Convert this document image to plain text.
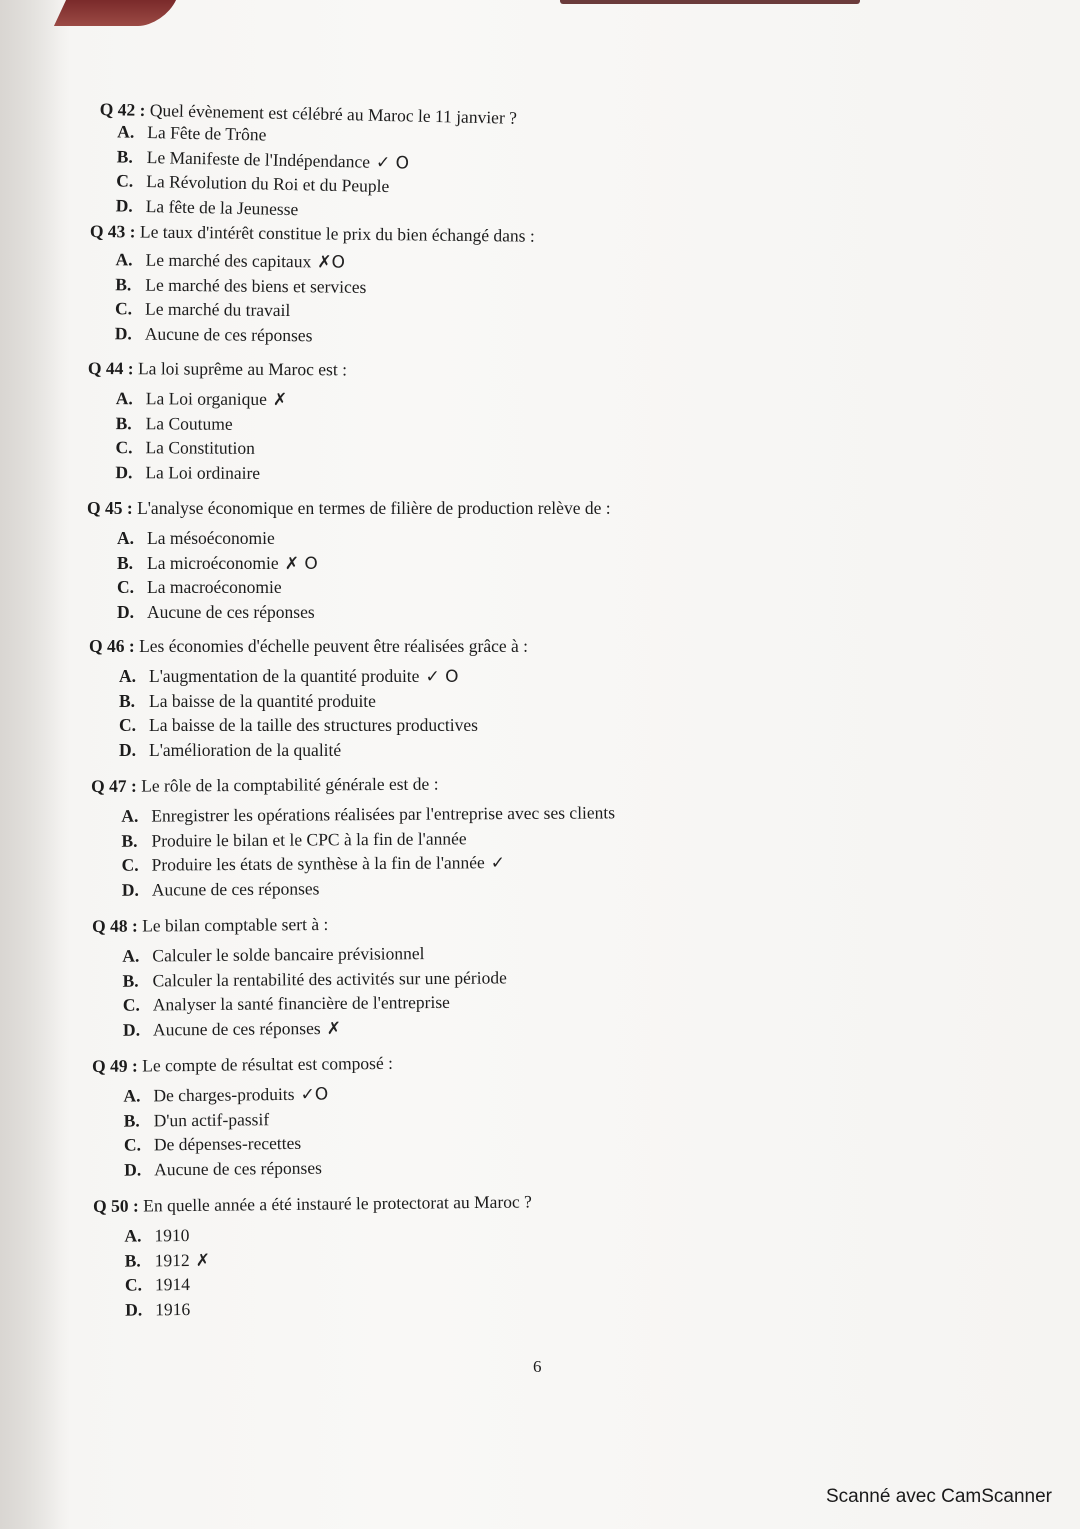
Q 42 : Quel évènement est célébré au Maroc le 11 janvier ?
A. La Fête de Trône
B. Le Manifeste de l'Indépendance ✓ O
C. La Révolution du Roi et du Peuple
D. La fête de la Jeunesse
Q 43 : Le taux d'intérêt constitue le prix du bien échangé dans :
A. Le marché des capitaux ✗O
B. Le marché des biens et services
C. Le marché du travail
D. Aucune de ces réponses
Q 44 : La loi suprême au Maroc est :
A. La Loi organique ✗
B. La Coutume
C. La Constitution
D. La Loi ordinaire
Q 45 : L'analyse économique en termes de filière de production relève de :
A. La mésoéconomie
B. La microéconomie ✗ O
C. La macroéconomie
D. Aucune de ces réponses
Q 46 : Les économies d'échelle peuvent être réalisées grâce à :
A. L'augmentation de la quantité produite ✓ O
B. La baisse de la quantité produite
C. La baisse de la taille des structures productives
D. L'amélioration de la qualité
Q 47 : Le rôle de la comptabilité générale est de :
A. Enregistrer les opérations réalisées par l'entreprise avec ses clients
B. Produire le bilan et le CPC à la fin de l'année
C. Produire les états de synthèse à la fin de l'année ✓
D. Aucune de ces réponses
Q 48 : Le bilan comptable sert à :
A. Calculer le solde bancaire prévisionnel
B. Calculer la rentabilité des activités sur une période
C. Analyser la santé financière de l'entreprise
D. Aucune de ces réponses ✗
Q 49 : Le compte de résultat est composé :
A. De charges-produits ✓O
B. D'un actif-passif
C. De dépenses-recettes
D. Aucune de ces réponses
Q 50 : En quelle année a été instauré le protectorat au Maroc ?
A. 1910
B. 1912 ✗
C. 1914
D. 1916
6
Scanné avec CamScanner
